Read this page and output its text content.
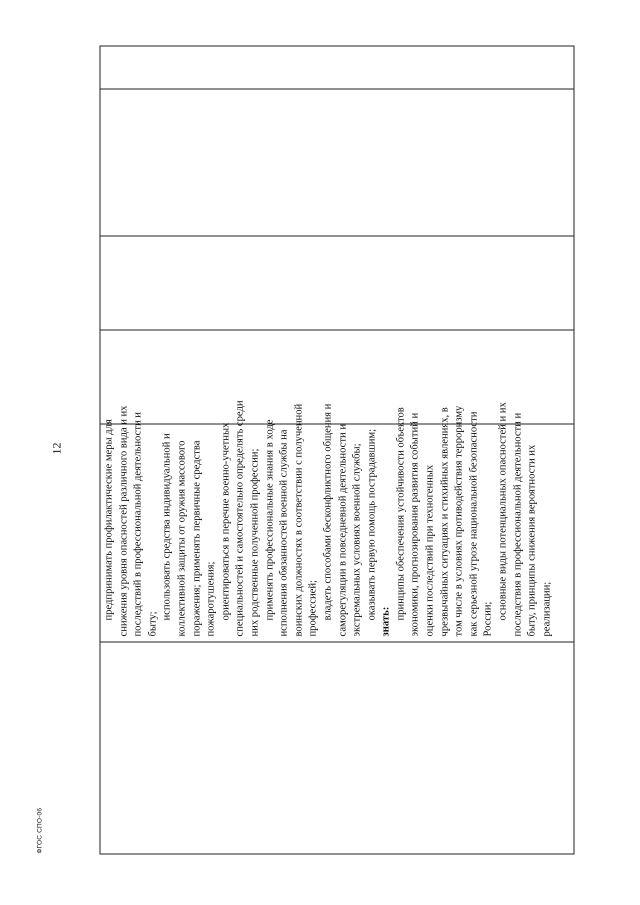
предпринимать профилактические меры для снижения уровня опасностей различного вида и их последствий в профессиональной деятельности и быту;
использовать средства индивидуальной и коллективной защиты от оружия массового поражения; применять первичные средства пожаротушения; ориентироваться в перечне военно-учетных специальностей и самостоятельно определять среди них родственные полученной профессии; применять профессиональные знания в ходе исполнения обязанностей военной службы на воинских должностях в соответствии с полученной профессией; владеть способами бесконфликтного общения и саморегуляции в повседневной деятельности и экстремальных условиях военной службы; оказывать первую помощь пострадавшим;
знать:
принципы обеспечения устойчивости объектов экономики, прогнозирования развития событий и оценки последствий при техногенных чрезвычайных ситуациях и стихийных явлениях, в том числе в условиях противодействия терроризму как серьезной угрозе национальной безопасности России; основные виды потенциальных опасностей и их последствия в профессиональной деятельности и быту, принципы снижения вероятности их реализации;
12
ФГОС СПО-06
